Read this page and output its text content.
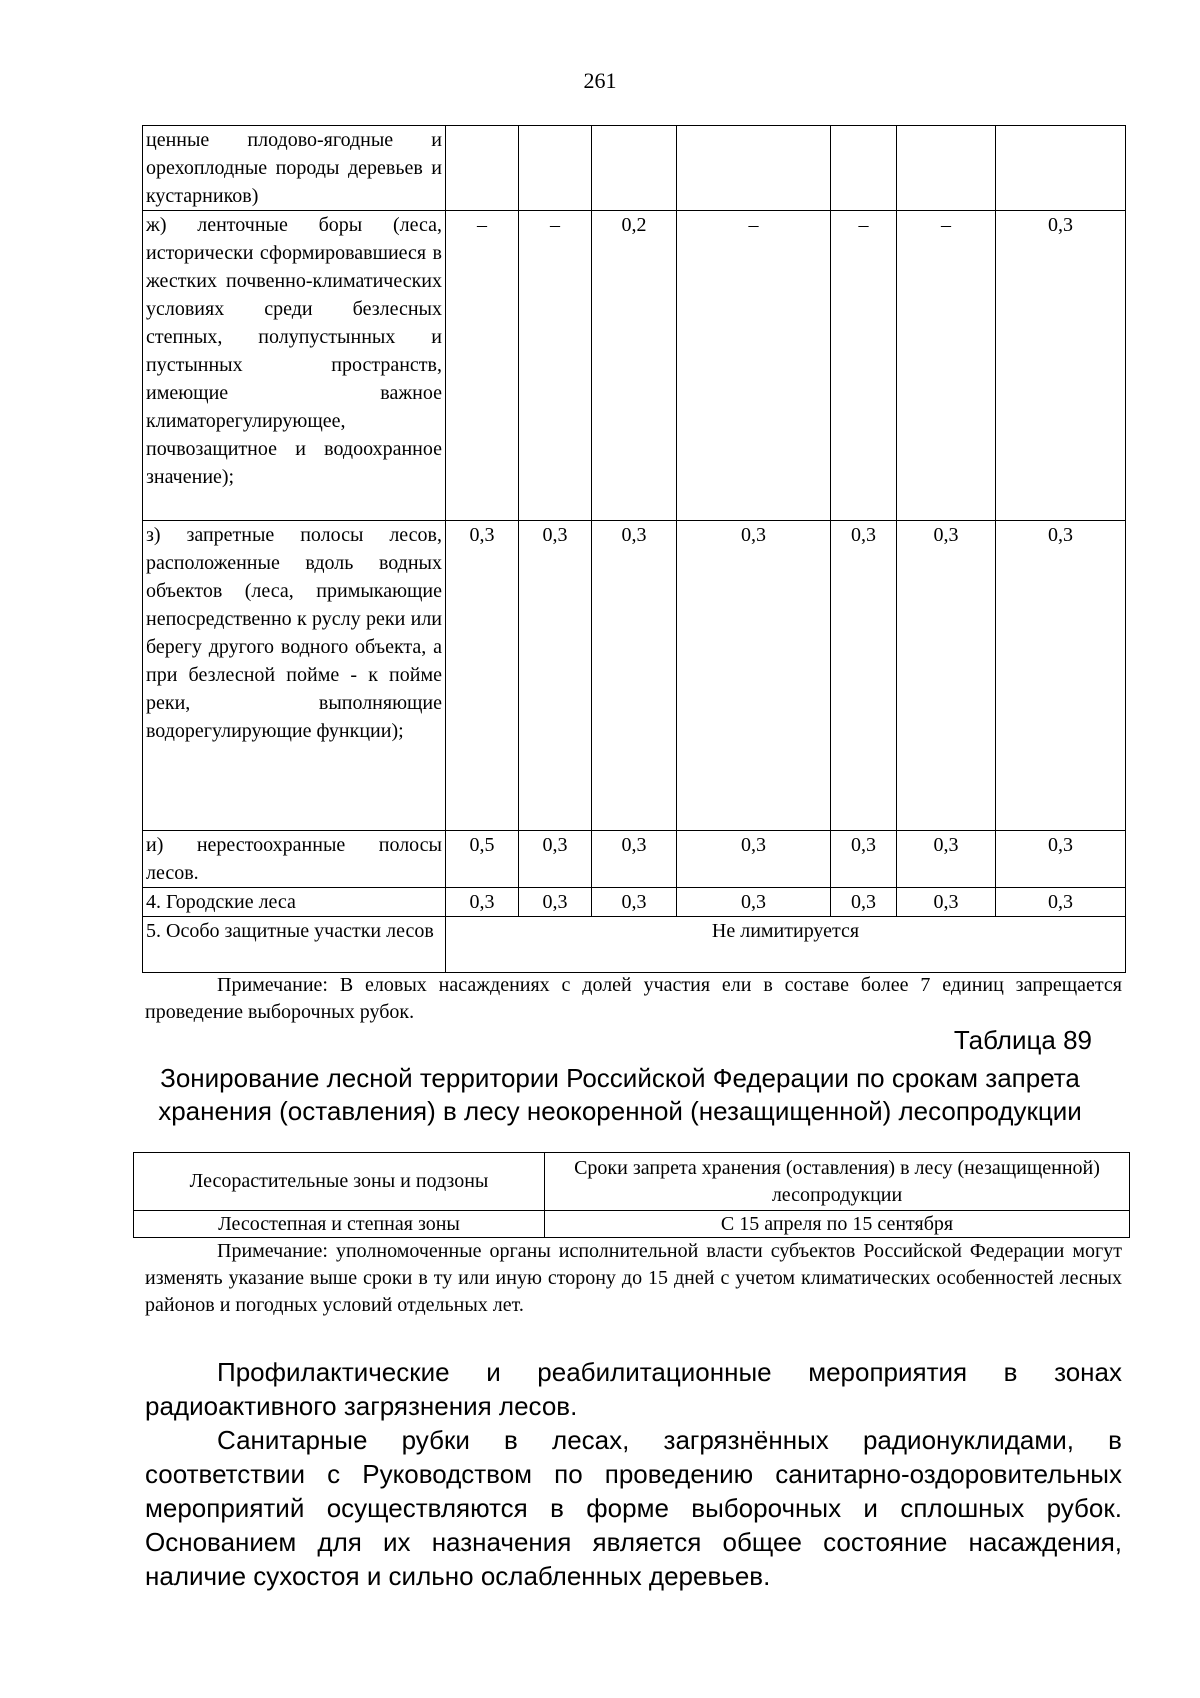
261
ценные плодово-ягодные и орехоплодные породы деревьев и кустарников)							
ж) ленточные боры (леса, исторически сформировавшиеся в жестких почвенно-климатических условиях среди безлесных степных, полупустынных и пустынных пространств, имеющие важное климаторегулирующее, почвозащитное и водоохранное значение);	–	–	0,2	–	–	–	0,3
з) запретные полосы лесов, расположенные вдоль водных объектов (леса, примыкающие непосредственно к руслу реки или берегу другого водного объекта, а при безлесной пойме - к пойме реки, выполняющие водорегулирующие функции);	0,3	0,3	0,3	0,3	0,3	0,3	0,3
и) нерестоохранные полосы лесов.	0,5	0,3	0,3	0,3	0,3	0,3	0,3
4. Городские леса	0,3	0,3	0,3	0,3	0,3	0,3	0,3
5. Особо защитные участки лесов	Не лимитируется						
Примечание: В еловых насаждениях с долей участия ели в составе более 7 единиц запрещается проведение выборочных рубок.
Таблица 89
Зонирование лесной территории Российской Федерации по срокам запрета хранения (оставления) в лесу неокоренной (незащищенной) лесопродукции
Лесорастительные зоны и подзоны	Сроки запрета хранения (оставления) в лесу (незащищенной) лесопродукции
Лесостепная и степная зоны	С 15 апреля по 15 сентября
Примечание: уполномоченные органы исполнительной власти субъектов Российской Федерации могут изменять указание выше сроки в ту или иную сторону до 15 дней с учетом климатических особенностей лесных районов и погодных условий отдельных лет.
Профилактические и реабилитационные мероприятия в зонах радиоактивного загрязнения лесов.
Санитарные рубки в лесах, загрязнённых радионуклидами, в соответствии с Руководством по проведению санитарно-оздоровительных мероприятий осуществляются в форме выборочных и сплошных рубок. Основанием для их назначения является общее состояние насаждения, наличие сухостоя и сильно ослабленных деревьев.
